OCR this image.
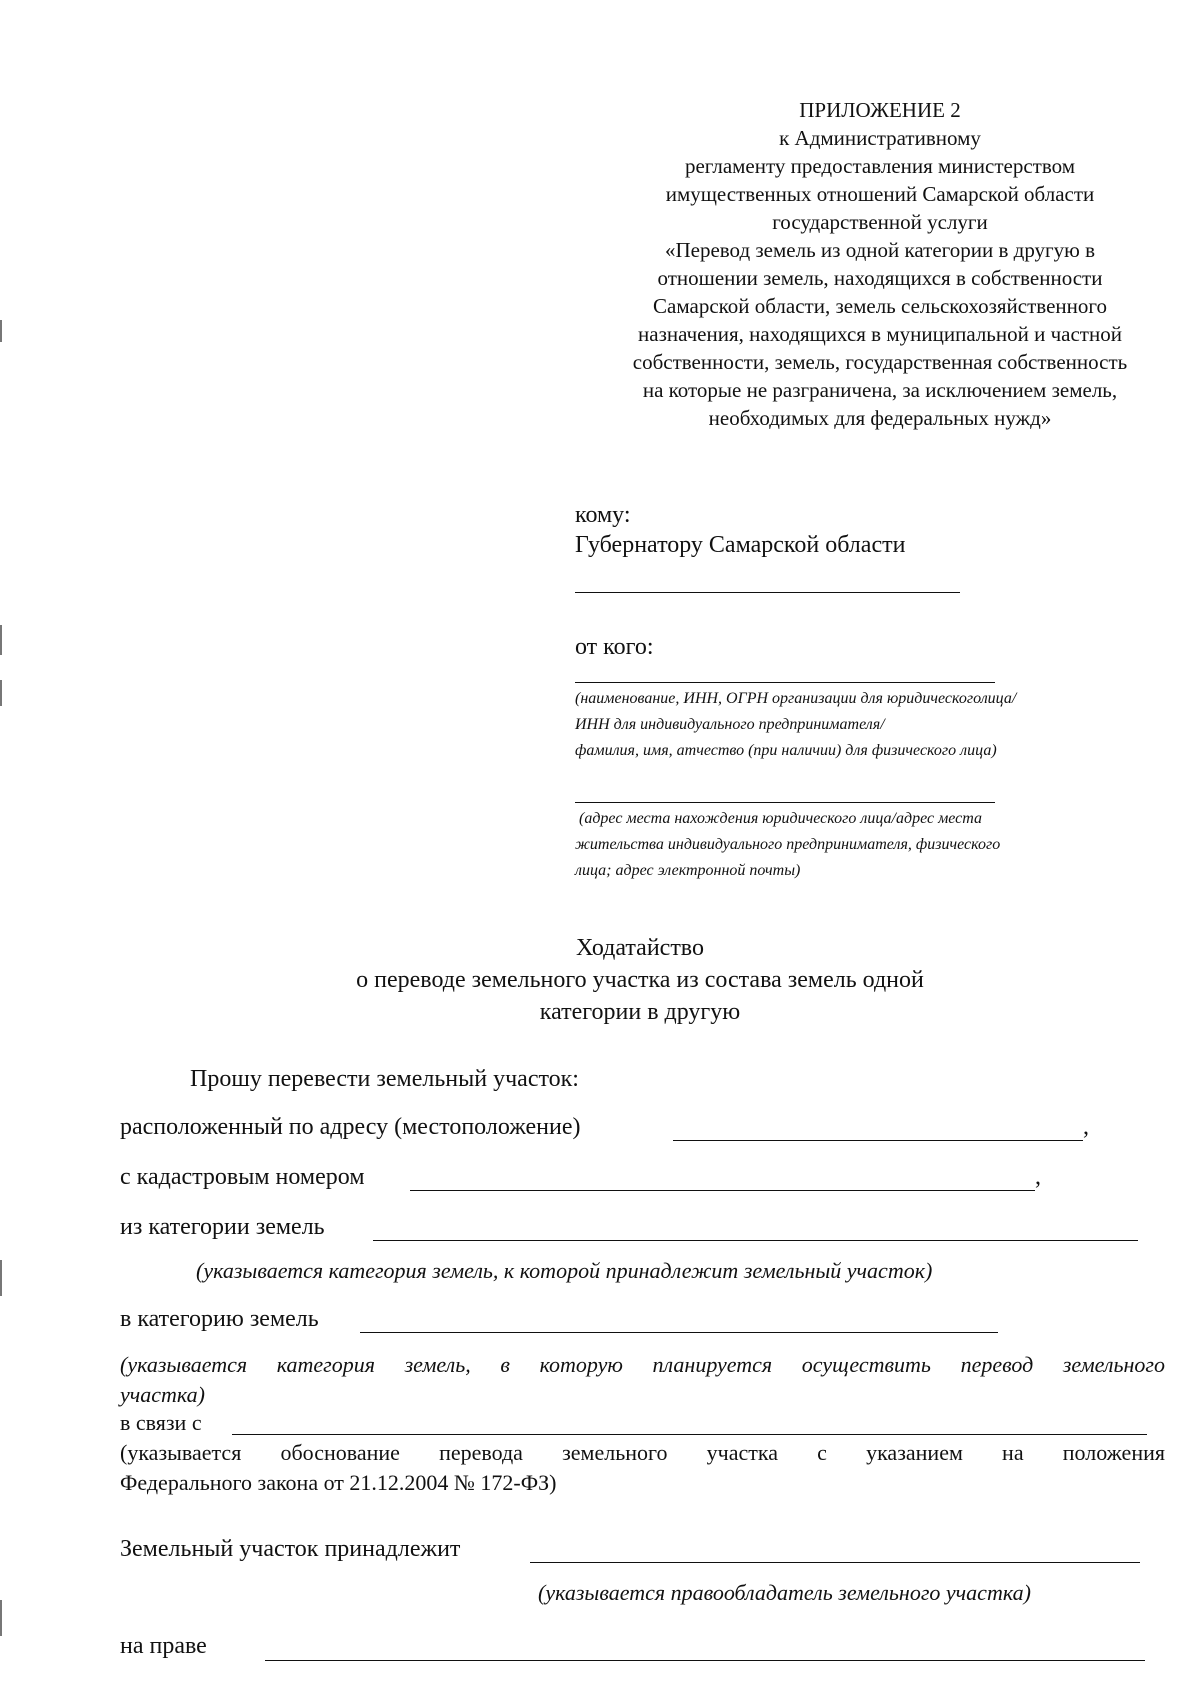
ПРИЛОЖЕНИЕ 2
к Административному
регламенту предоставления министерством
имущественных отношений Самарской области
государственной услуги
«Перевод земель из одной категории в другую в
отношении земель, находящихся в собственности
Самарской области, земель сельскохозяйственного
назначения, находящихся в муниципальной и частной
собственности, земель, государственная собственность
на которые не разграничена, за исключением земель,
необходимых для федеральных нужд»
кому:
Губернатору Самарской области
от кого:
(наименование, ИНН, ОГРН организации для юридическоголица/
ИНН для индивидуального предпринимателя/
фамилия, имя, атчество (при наличии) для физического лица)
(адрес места нахождения юридического лица/адрес места
жительства индивидуального предпринимателя, физического
лица; адрес электронной почты)
Ходатайство
о переводе земельного участка из состава земель одной
категории в другую
Прошу перевести земельный участок:
расположенный по адресу (местоположение)	,
с кадастровым номером	,
из категории земель
(указывается категория земель, к которой принадлежит земельный участок)
в категорию земель
(указывается категория земель, в которую планируется осуществить перевод земельного
участка)
в связи с
(указывается обоснование перевода земельного участка с указанием на положения
Федерального закона от 21.12.2004 № 172-ФЗ)
Земельный участок принадлежит
(указывается правообладатель земельного участка)
на праве
